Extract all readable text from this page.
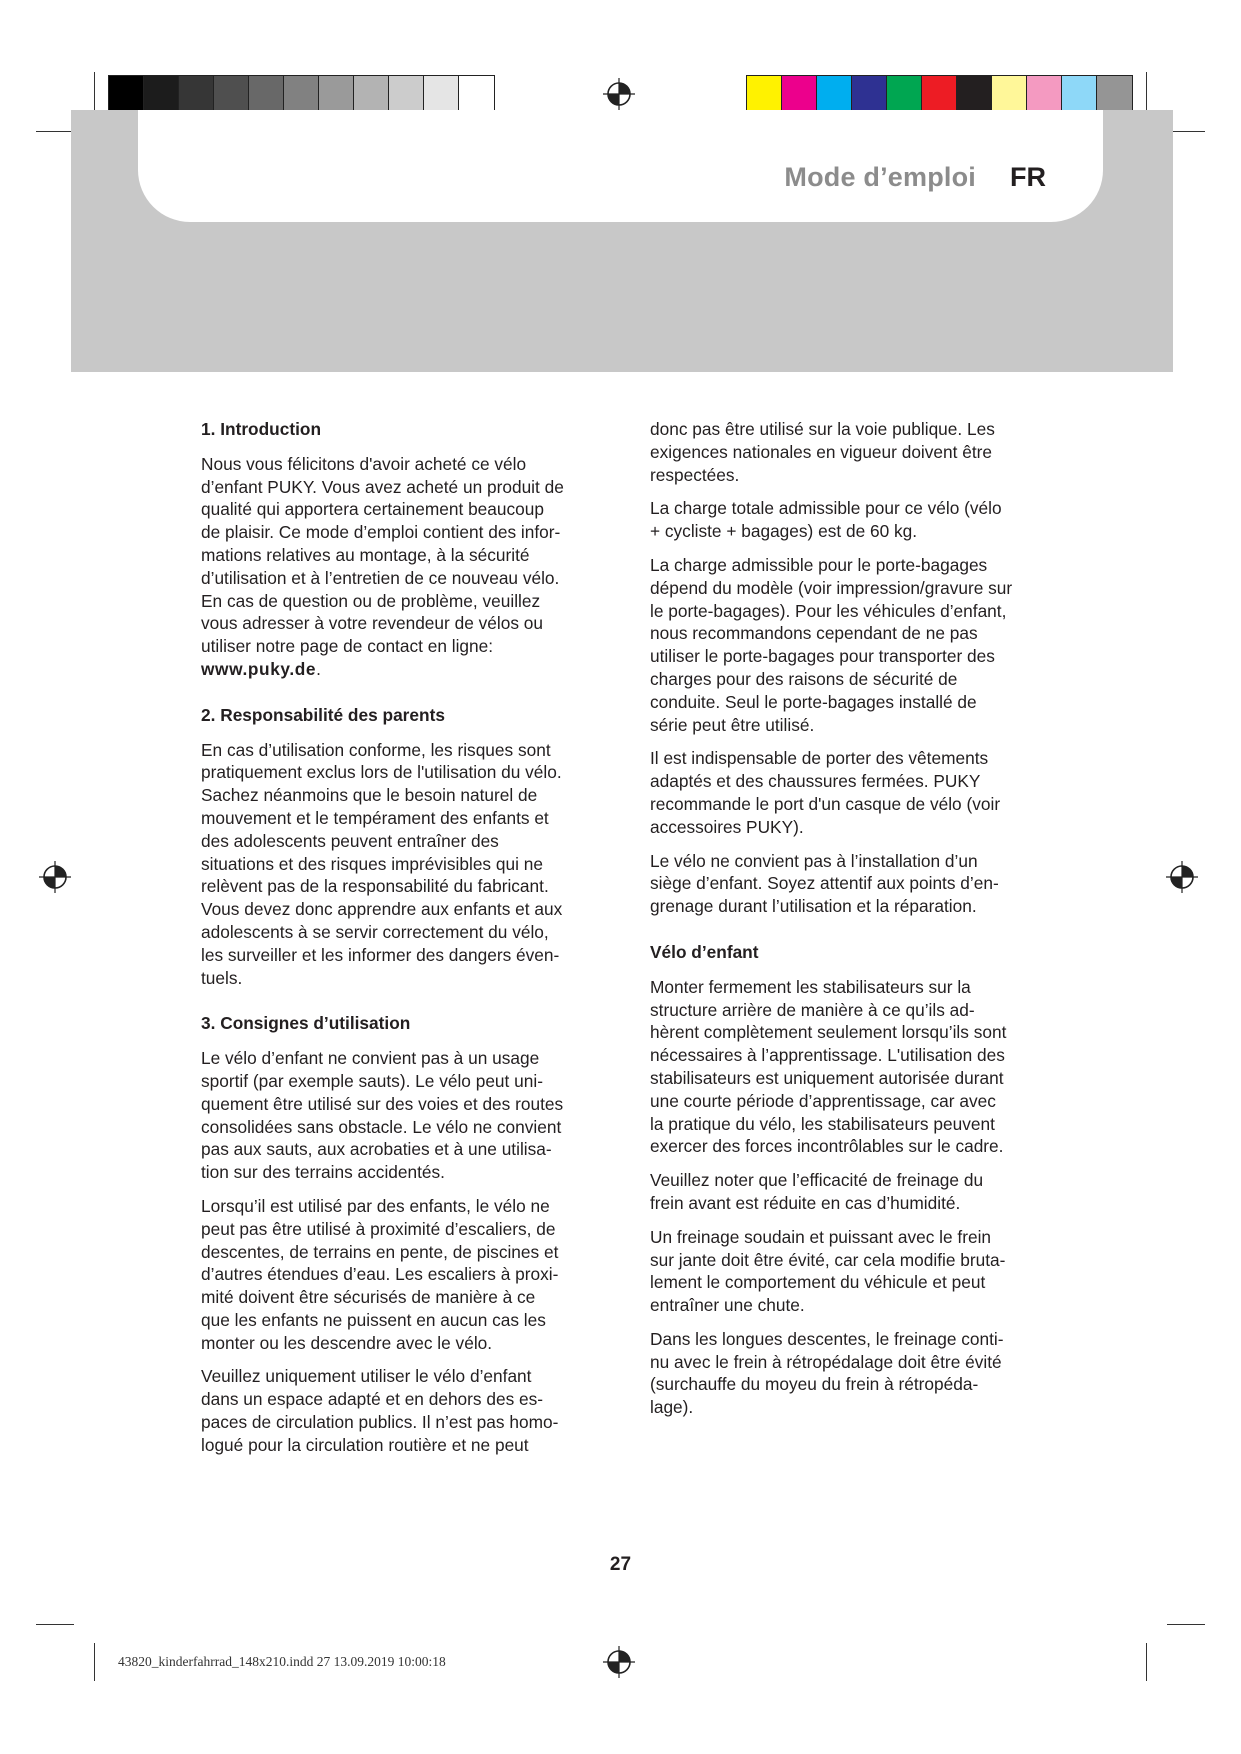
Mode d’emploi FR
1. Introduction

Nous vous félicitons d'avoir acheté ce vélo
d’enfant PUKY. Vous avez acheté un produit de
qualité qui apportera certainement beaucoup
de plaisir. Ce mode d’emploi contient des infor-
mations relatives au montage, à la sécurité
d’utilisation et à l’entretien de ce nouveau vélo.
En cas de question ou de problème, veuillez
vous adresser à votre revendeur de vélos ou
utiliser notre page de contact en ligne:

www.puky.de.

2. Responsabilité des parents

En cas d’utilisation conforme, les risques sont
pratiquement exclus lors de l'utilisation du vélo.
Sachez néanmoins que le besoin naturel de
mouvement et le tempérament des enfants et
des adolescents peuvent entraîner des
situations et des risques imprévisibles qui ne
relèvent pas de la responsabilité du fabricant.
Vous devez donc apprendre aux enfants et aux
adolescents à se servir correctement du vélo,
les surveiller et les informer des dangers éven-
tuels.

3. Consignes d’utilisation

Le vélo d’enfant ne convient pas à un usage
sportif (par exemple sauts). Le vélo peut uni-
quement être utilisé sur des voies et des routes
consolidées sans obstacle. Le vélo ne convient
pas aux sauts, aux acrobaties et à une utilisa-
tion sur des terrains accidentés.

Lorsqu’il est utilisé par des enfants, le vélo ne
peut pas être utilisé à proximité d’escaliers, de
descentes, de terrains en pente, de piscines et
d’autres étendues d’eau. Les escaliers à proxi-
mité doivent être sécurisés de manière à ce
que les enfants ne puissent en aucun cas les
monter ou les descendre avec le vélo.

Veuillez uniquement utiliser le vélo d’enfant
dans un espace adapté et en dehors des es-
paces de circulation publics. Il n’est pas homo-
logué pour la circulation routière et ne peut

donc pas être utilisé sur la voie publique. Les
exigences nationales en vigueur doivent être
respectées.

La charge totale admissible pour ce vélo (vélo
+ cycliste + bagages) est de 60 kg.

La charge admissible pour le porte-bagages
dépend du modèle (voir impression/gravure sur
le porte-bagages). Pour les véhicules d’enfant,
nous recommandons cependant de ne pas
utiliser le porte-bagages pour transporter des
charges pour des raisons de sécurité de
conduite. Seul le porte-bagages installé de
série peut être utilisé.

Il est indispensable de porter des vêtements
adaptés et des chaussures fermées. PUKY
recommande le port d'un casque de vélo (voir
accessoires PUKY).

Le vélo ne convient pas à l’installation d’un
siège d’enfant. Soyez attentif aux points d’en-
grenage durant l’utilisation et la réparation.

Vélo d’enfant

Monter fermement les stabilisateurs sur la
structure arrière de manière à ce qu’ils ad-
hèrent complètement seulement lorsqu’ils sont
nécessaires à l’apprentissage. L'utilisation des
stabilisateurs est uniquement autorisée durant
une courte période d’apprentissage, car avec
la pratique du vélo, les stabilisateurs peuvent
exercer des forces incontrôlables sur le cadre.

Veuillez noter que l’efficacité de freinage du
frein avant est réduite en cas d’humidité.

Un freinage soudain et puissant avec le frein
sur jante doit être évité, car cela modifie bruta-
lement le comportement du véhicule et peut
entraîner une chute.

Dans les longues descentes, le freinage conti-
nu avec le frein à rétropédalage doit être évité
(surchauffe du moyeu du frein à rétropéda-
lage).

27
43820_kinderfahrrad_148x210.indd 27 13.09.2019 10:00:18
